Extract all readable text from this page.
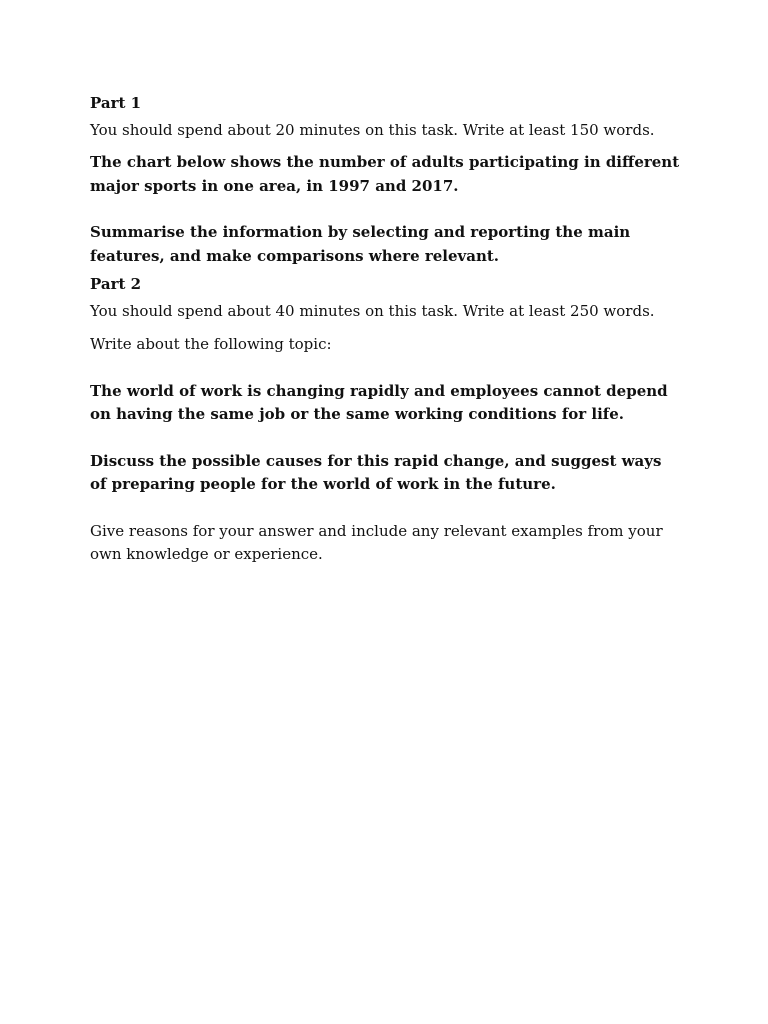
Part 1

You should spend about 20 minutes on this task. Write at least 150 words.

The chart below shows the number of adults participating in different major sports in one area, in 1997 and 2017.

Summarise the information by selecting and reporting the main features, and make comparisons where relevant.

Part 2

You should spend about 40 minutes on this task. Write at least 250 words.

Write about the following topic:

The world of work is changing rapidly and employees cannot depend on having the same job or the same working conditions for life.

Discuss the possible causes for this rapid change, and suggest ways of preparing people for the world of work in the future.

Give reasons for your answer and include any relevant examples from your own knowledge or experience.
